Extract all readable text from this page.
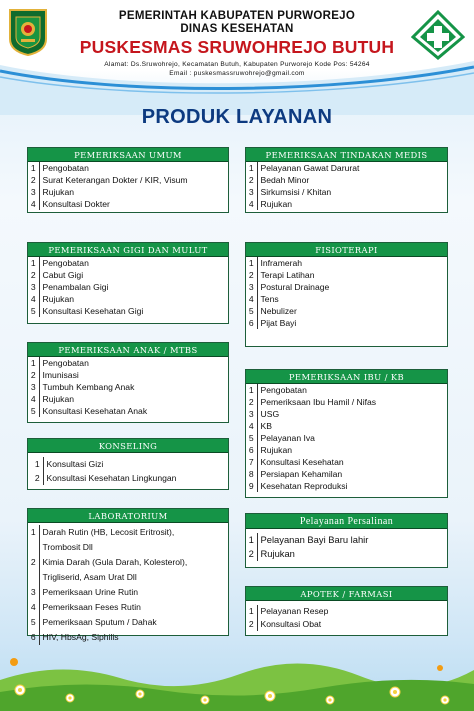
PEMERINTAH KABUPATEN PURWOREJO
DINAS KESEHATAN
PUSKESMAS SRUWOHREJO BUTUH
Alamat: Ds.Sruwohrejo, Kecamatan Butuh, Kabupaten Purworejo Kode Pos: 54264
Email : puskesmassruwohrejo@gmail.com
PRODUK LAYANAN
PEMERIKSAAN UMUM
1	Pengobatan
2	Surat Keterangan Dokter / KIR, Visum
3	Rujukan
4	Konsultasi Dokter
PEMERIKSAAN TINDAKAN MEDIS
1	Pelayanan Gawat Darurat
2	Bedah Minor
3	Sirkumsisi / Khitan
4	Rujukan
PEMERIKSAAN GIGI DAN MULUT
1	Pengobatan
2	Cabut Gigi
3	Penambalan Gigi
4	Rujukan
5	Konsultasi Kesehatan Gigi
FISIOTERAPI
1	Inframerah
2	Terapi Latihan
3	Postural Drainage
4	Tens
5	Nebulizer
6	Pijat Bayi
PEMERIKSAAN ANAK / MTBS
1	Pengobatan
2	Imunisasi
3	Tumbuh Kembang Anak
4	Rujukan
5	Konsultasi Kesehatan Anak
PEMERIKSAAN IBU / KB
1	Pengobatan
2	Pemeriksaan Ibu Hamil / Nifas
3	USG
4	KB
5	Pelayanan Iva
6	Rujukan
7	Konsultasi Kesehatan
8	Persiapan Kehamilan
9	Kesehatan Reproduksi
KONSELING
1	Konsultasi Gizi
2	Konsultasi Kesehatan Lingkungan
LABORATORIUM
1	Darah Rutin (HB, Lecosit Eritrosit),
Trombosit Dll

2	Kimia Darah (Gula Darah, Kolesterol),
Trigliserid, Asam Urat Dll

3	Pemeriksaan Urine Rutin

4	Pemeriksaan Feses Rutin

5	Pemeriksaan Sputum / Dahak

6	HIV, HbsAg, Siphilis
Pelayanan Persalinan
1	Pelayanan Bayi Baru lahir
2	Rujukan
APOTEK / FARMASI
1	Pelayanan Resep
2	Konsultasi Obat
